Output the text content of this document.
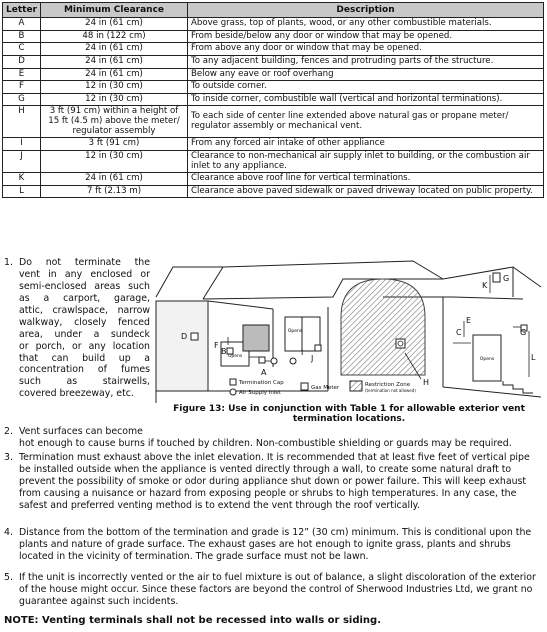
Letter	Minimum Clearance	Description
A	24 in (61 cm)	Above grass, top of plants, wood, or any other combustible materials.
B	48 in (122 cm)	From beside/below any door or window that may be opened.
C	24 in (61 cm)	From above any door or window that may be opened.
D	24 in (61 cm)	To any adjacent building, fences and protruding parts of the structure.
E	24 in (61 cm)	Below any eave or roof overhang
F	12 in (30 cm)	To outside corner.
G	12 in (30 cm)	To inside corner, combustible wall (vertical and horizontal terminations).
H	3 ft (91 cm) within a height of 15 ft (4.5 m) above the meter/ regulator assembly	To each side of center line extended above natural gas or propane meter/ regulator assembly or mechanical vent.
I	3 ft (91 cm)	From any forced air intake of other appliance
J	12 in (30 cm)	Clearance to non-mechanical air supply inlet to building, or the combustion air inlet to any appliance.
K	24 in (61 cm)	Clearance above roof line for vertical terminations.
L	7 ft (2.13 m)	Clearance above paved sidewalk or paved driveway located on public property.
1. Do not terminate the
vent in any enclosed or
semi-enclosed areas such
as a carport, garage,
attic, crawlspace, narrow
walkway, closely fenced
area, under a sundeck
or porch, or any location
that can build up a
concentration of fumes
such as stairwells,
covered breezeway, etc.
Opens
Opens
Opens
A
B
C
D
E
F
G
G
H
I
J
K
L
Termination Cap
Air Supply Inlet
Gas Meter	Restriction Zone
(termination not allowed)
Figure 13: Use in conjunction with Table 1 for allowable exterior vent
termination locations.
2. Vent surfaces can become
hot enough to cause burns if touched by children. Non-combustible shielding or guards may be required.
3. Termination must exhaust above the inlet elevation. It is recommended that at least five feet of vertical pipe be installed outside when the appliance is vented directly through a wall, to create some natural draft to prevent the possibility of smoke or odor during appliance shut down or power failure. This will keep exhaust from causing a nuisance or hazard from exposing people or shrubs to high temperatures. In any case, the safest and preferred venting method is to extend the vent through the roof vertically.
4. Distance from the bottom of the termination and grade is 12” (30 cm) minimum. This is conditional upon the plants and nature of grade surface. The exhaust gases are hot enough to ignite grass, plants and shrubs located in the vicinity of termination. The grade surface must not be lawn.
5. If the unit is incorrectly vented or the air to fuel mixture is out of balance, a slight discoloration of the exterior of the house might occur. Since these factors are beyond the control of Sherwood Industries Ltd, we grant no guarantee against such incidents.
NOTE: Venting terminals shall not be recessed into walls or siding.
